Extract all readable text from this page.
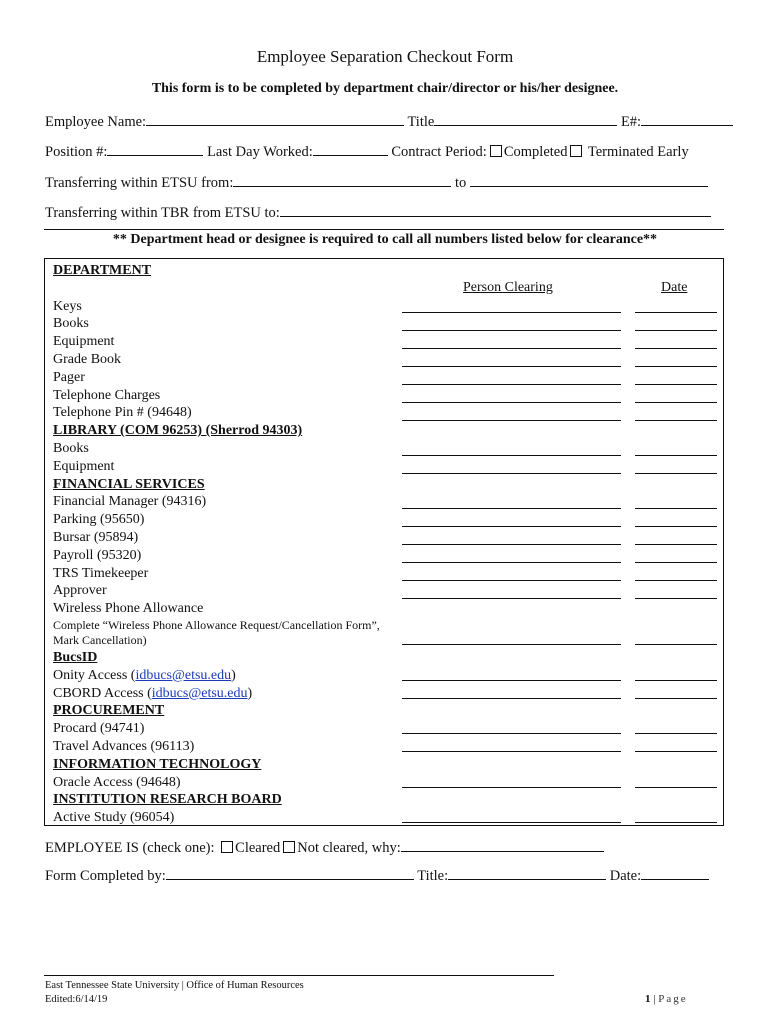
Employee Separation Checkout Form
This form is to be completed by department chair/director or his/her designee.
Employee Name:	Title	E#:
Position #:	Last Day Worked:	Contract Period: Completed Terminated Early
Transferring within ETSU from:	to
Transferring within TBR from ETSU to:
** Department head or designee is required to call all numbers listed below for clearance**
Person Clearing	Date
DEPARTMENT
Keys
Books
Equipment
Grade Book
Pager
Telephone Charges
Telephone Pin # (94648)
LIBRARY (COM 96253) (Sherrod 94303)
Books
Equipment
FINANCIAL SERVICES
Financial Manager (94316)
Parking (95650)
Bursar (95894)
Payroll (95320)
TRS Timekeeper
Approver
Wireless Phone Allowance
Complete “Wireless Phone Allowance Request/Cancellation Form”, Mark Cancellation)
BucsID
Onity Access (idbucs@etsu.edu)
CBORD Access (idbucs@etsu.edu)
PROCUREMENT
Procard (94741)
Travel Advances (96113)
INFORMATION TECHNOLOGY
Oracle Access (94648)
INSTITUTION RESEARCH BOARD
Active Study (96054)
EMPLOYEE IS (check one): Cleared Not cleared, why:
Form Completed by:	Title:	Date:
East Tennessee State University | Office of Human Resources
Edited:6/14/19	1 | Page
